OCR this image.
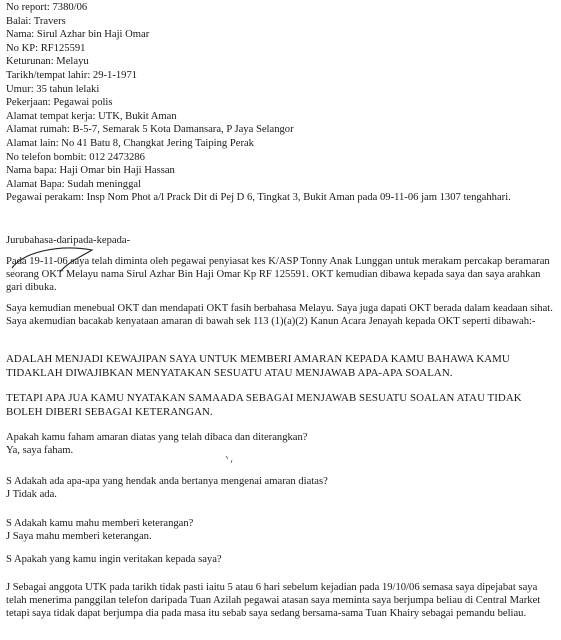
No report: 7380/06
Balai: Travers
Nama: Sirul Azhar bin Haji Omar
No KP: RF125591
Keturunan: Melayu
Tarikh/tempat lahir: 29-1-1971
Umur: 35 tahun lelaki
Pekerjaan: Pegawai polis
Alamat tempat kerja: UTK, Bukit Aman
Alamat rumah: B-5-7, Semarak 5 Kota Damansara, P Jaya Selangor
Alamat lain: No 41 Batu 8, Changkat Jering Taiping Perak
No telefon bombit: 012 2473286
Nama bapa: Haji Omar bin Haji Hassan
Alamat Bapa: Sudah meninggal
Pegawai perakam: Insp Nom Phot a/l Prack Dit di Pej D 6, Tingkat 3, Bukit Aman pada 09-11-06 jam 1307 tengahhari.

Jurubahasa-daripada-kepada-

Pada 19-11-06 saya telah diminta oleh pegawai penyiasat kes K/ASP Tonny Anak Lunggan untuk merakam percakap beramaran seorang OKT Melayu nama Sirul Azhar Bin Haji Omar Kp RF 125591. OKT kemudian dibawa kepada saya dan saya arahkan gari dibuka.

Saya kemudian menebual OKT dan mendapati OKT fasih berbahasa Melayu. Saya juga dapati OKT berada dalam keadaan sihat. Saya akemudian bacakab kenyataan amaran di bawah sek 113 (1)(a)(2) Kanun Acara Jenayah kepada OKT seperti dibawah:-

ADALAH MENJADI KEWAJIPAN SAYA UNTUK MEMBERI AMARAN KEPADA KAMU BAHAWA KAMU TIDAKLAH DIWAJIBKAN MENYATAKAN SESUATU ATAU MENJAWAB APA-APA SOALAN.

TETAPI APA JUA KAMU NYATAKAN SAMAADA SEBAGAI MENJAWAB SESUATU SOALAN ATAU TIDAK BOLEH DIBERI SEBAGAI KETERANGAN.

Apakah kamu faham amaran diatas yang telah dibaca dan diterangkan?

Ya, saya faham.

S Adakah ada apa-apa yang hendak anda bertanya mengenai amaran diatas?

J Tidak ada.

S Adakah kamu mahu memberi keterangan?

J Saya mahu memberi keterangan.

S Apakah yang kamu ingin veritakan kepada saya?

J Sebagai anggota UTK pada tarikh tidak pasti iaitu 5 atau 6 hari sebelum kejadian pada 19/10/06 semasa saya dipejabat saya telah menerima panggilan telefon daripada Tuan Azilah pegawai atasan saya meminta saya berjumpa beliau di Central Market tetapi saya tidak dapat berjumpa dia pada masa itu sebab saya sedang bersama-sama Tuan Khairy sebagai pemandu beliau.
